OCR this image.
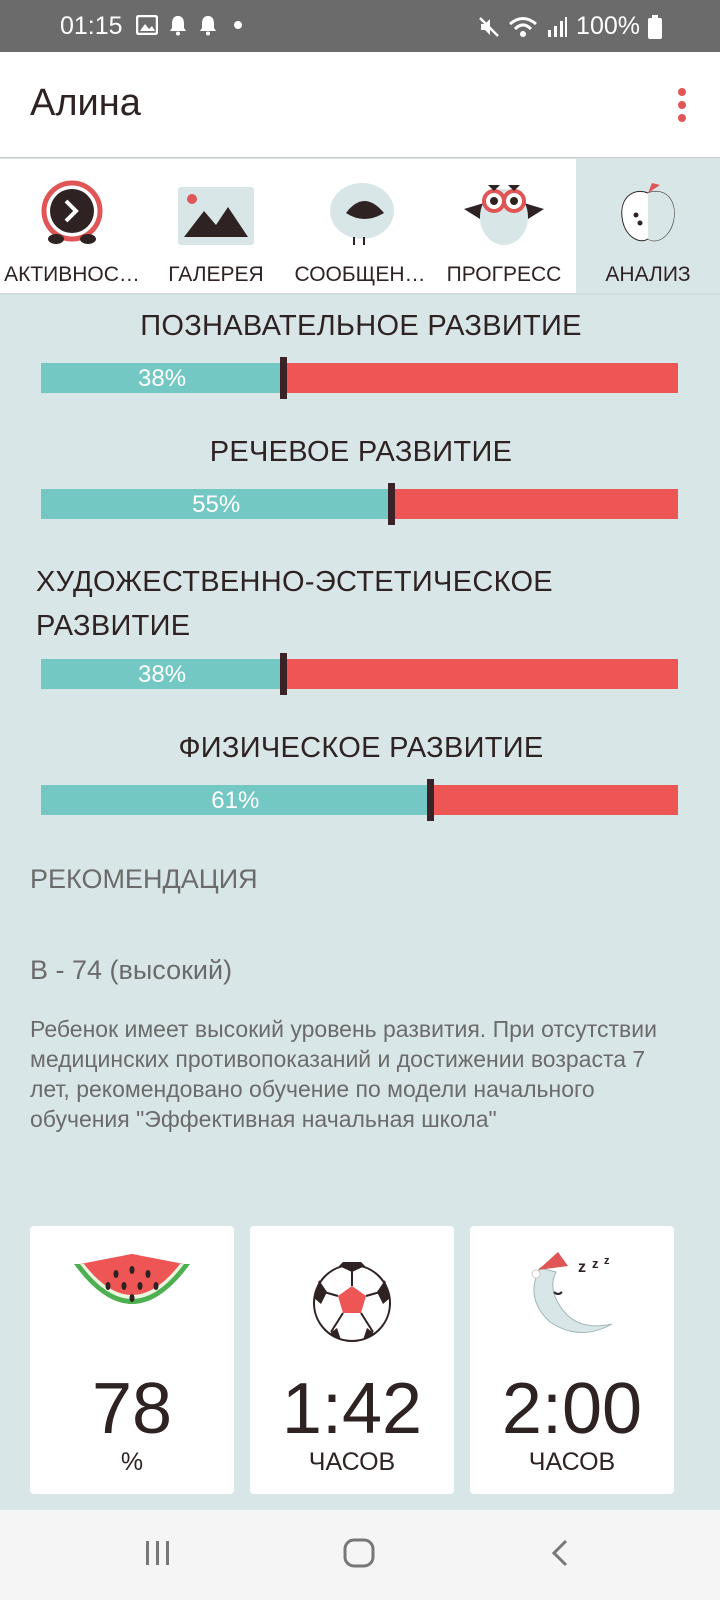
01:15	100%
Алина
АКТИВНОС…	ГАЛЕРЕЯ	СООБЩЕН…	ПРОГРЕСС	АНАЛИЗ
ПОЗНАВАТЕЛЬНОЕ РАЗВИТИЕ
38%
РЕЧЕВОЕ РАЗВИТИЕ
55%
ХУДОЖЕСТВЕННО-ЭСТЕТИЧЕСКОЕ РАЗВИТИЕ
38%
ФИЗИЧЕСКОЕ РАЗВИТИЕ
61%
РЕКОМЕНДАЦИЯ
В - 74 (высокий)
Ребенок имеет высокий уровень развития. При отсутствии медицинских противопоказаний и достижении возраста 7 лет, рекомендовано обучение по модели начального обучения "Эффективная начальная школа"
78
%
1:42
ЧАСОВ
z z z
2:00
ЧАСОВ
